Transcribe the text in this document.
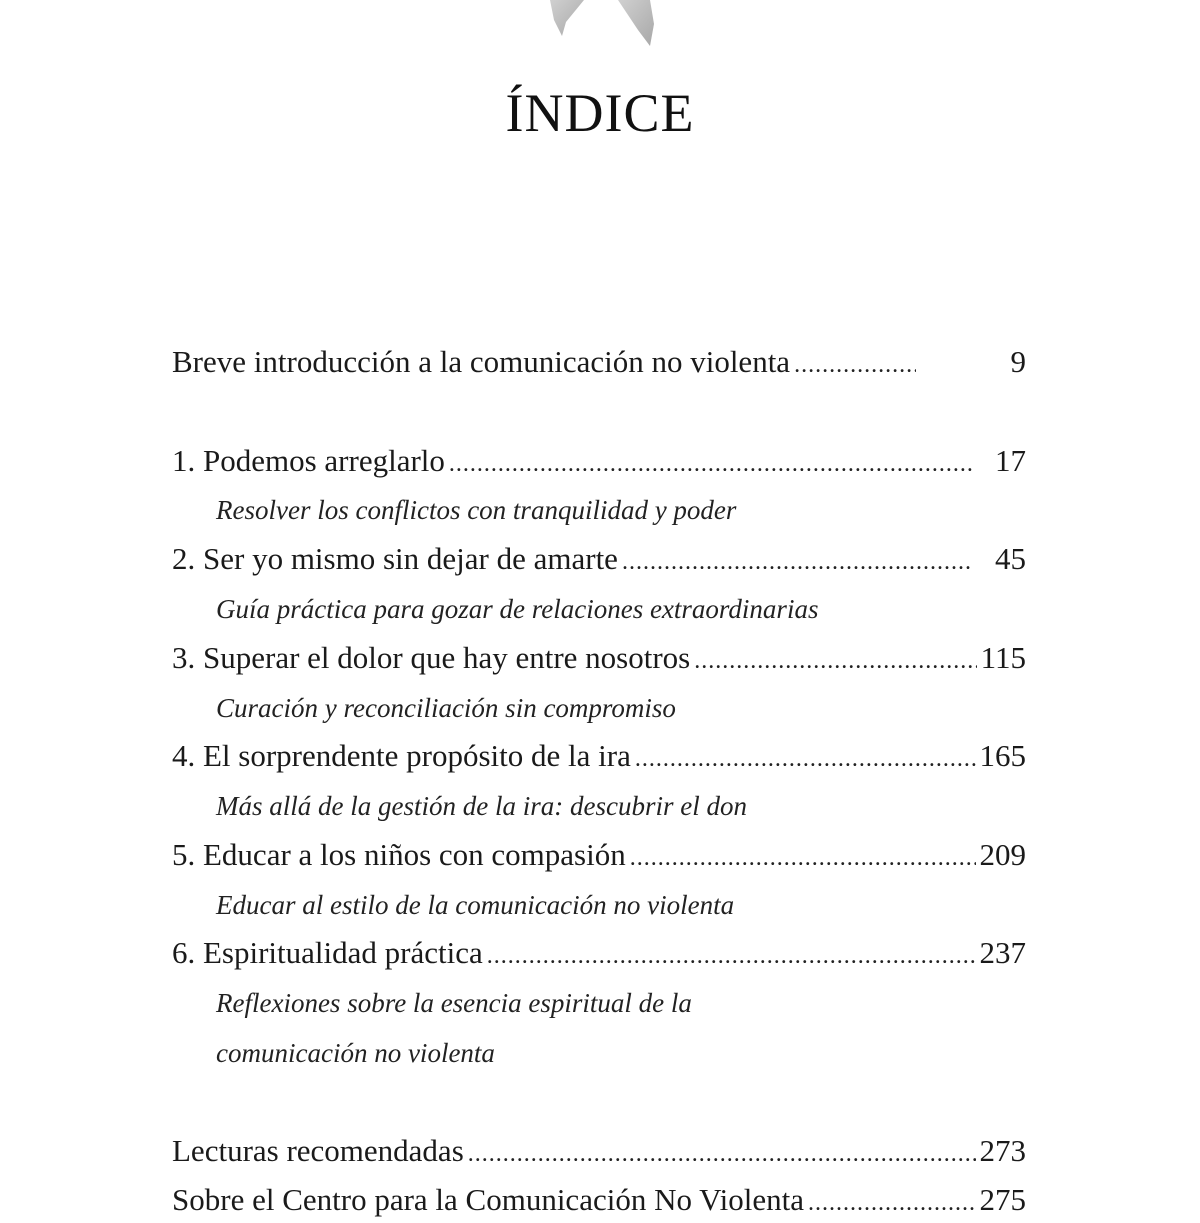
ÍNDICE
Breve introducción a la comunicación no violenta .....	9
1. Podemos arreglarlo .....	17
Resolver los conflictos con tranquilidad y poder
2. Ser yo mismo sin dejar de amarte .....	45
Guía práctica para gozar de relaciones extraordinarias
3. Superar el dolor que hay entre nosotros .....	115
Curación y reconciliación sin compromiso
4. El sorprendente propósito de la ira .....	165
Más allá de la gestión de la ira: descubrir el don
5. Educar a los niños con compasión .....	209
Educar al estilo de la comunicación no violenta
6. Espiritualidad práctica .....	237
Reflexiones sobre la esencia espiritual de la
comunicación no violenta
Lecturas recomendadas .....	273
Sobre el Centro para la Comunicación No Violenta .....	275
